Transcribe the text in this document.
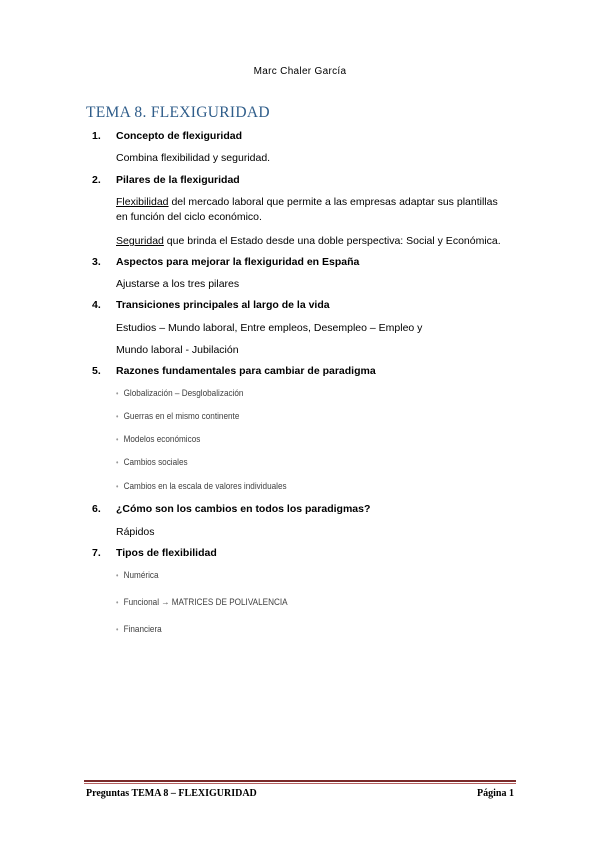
Marc Chaler García
TEMA 8. FLEXIGURIDAD
1. Concepto de flexiguridad
Combina flexibilidad y seguridad.
2. Pilares de la flexiguridad
Flexibilidad del mercado laboral que permite a las empresas adaptar sus plantillas
en función del ciclo económico.
Seguridad que brinda el Estado desde una doble perspectiva: Social y Económica.
3. Aspectos para mejorar la flexiguridad en España
Ajustarse a los tres pilares
4. Transiciones principales al largo de la vida
Estudios – Mundo laboral, Entre empleos, Desempleo – Empleo y
Mundo laboral - Jubilación
5. Razones fundamentales para cambiar de paradigma
• Globalización – Desglobalización
• Guerras en el mismo continente
• Modelos económicos
• Cambios sociales
• Cambios en la escala de valores individuales
6. ¿Cómo son los cambios en todos los paradigmas?
Rápidos
7. Tipos de flexibilidad
• Numérica
• Funcional → MATRICES DE POLIVALENCIA
• Financiera
Preguntas TEMA 8 – FLEXIGURIDAD	Página 1
